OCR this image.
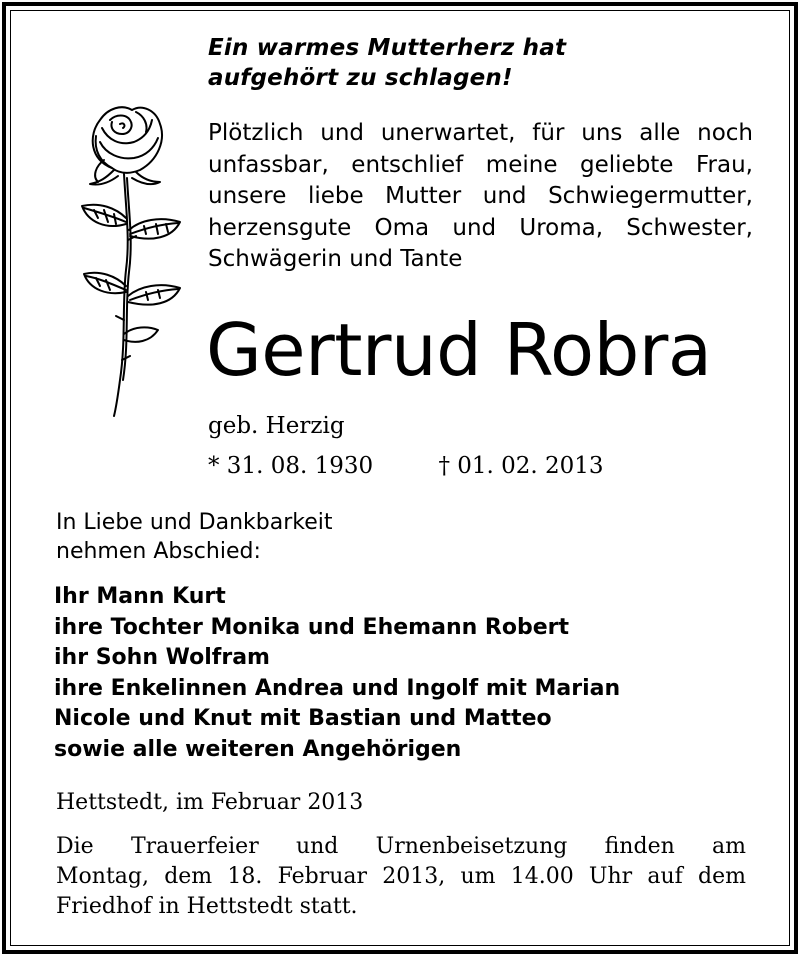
Ein warmes Mutterherz hat
aufgehört zu schlagen!
Plötzlich und unerwartet, für uns alle noch
unfassbar, entschlief meine geliebte Frau,
unsere liebe Mutter und Schwiegermutter,
herzensgute Oma und Uroma, Schwester,
Schwägerin und Tante
Gertrud Robra
geb. Herzig
* 31. 08. 1930	† 01. 02. 2013
In Liebe und Dankbarkeit
nehmen Abschied:
Ihr Mann Kurt
ihre Tochter Monika und Ehemann Robert
ihr Sohn Wolfram
ihre Enkelinnen Andrea und Ingolf mit Marian
Nicole und Knut mit Bastian und Matteo
sowie alle weiteren Angehörigen
Hettstedt, im Februar 2013
Die Trauerfeier und Urnenbeisetzung finden am
Montag, dem 18. Februar 2013, um 14.00 Uhr auf dem
Friedhof in Hettstedt statt.
